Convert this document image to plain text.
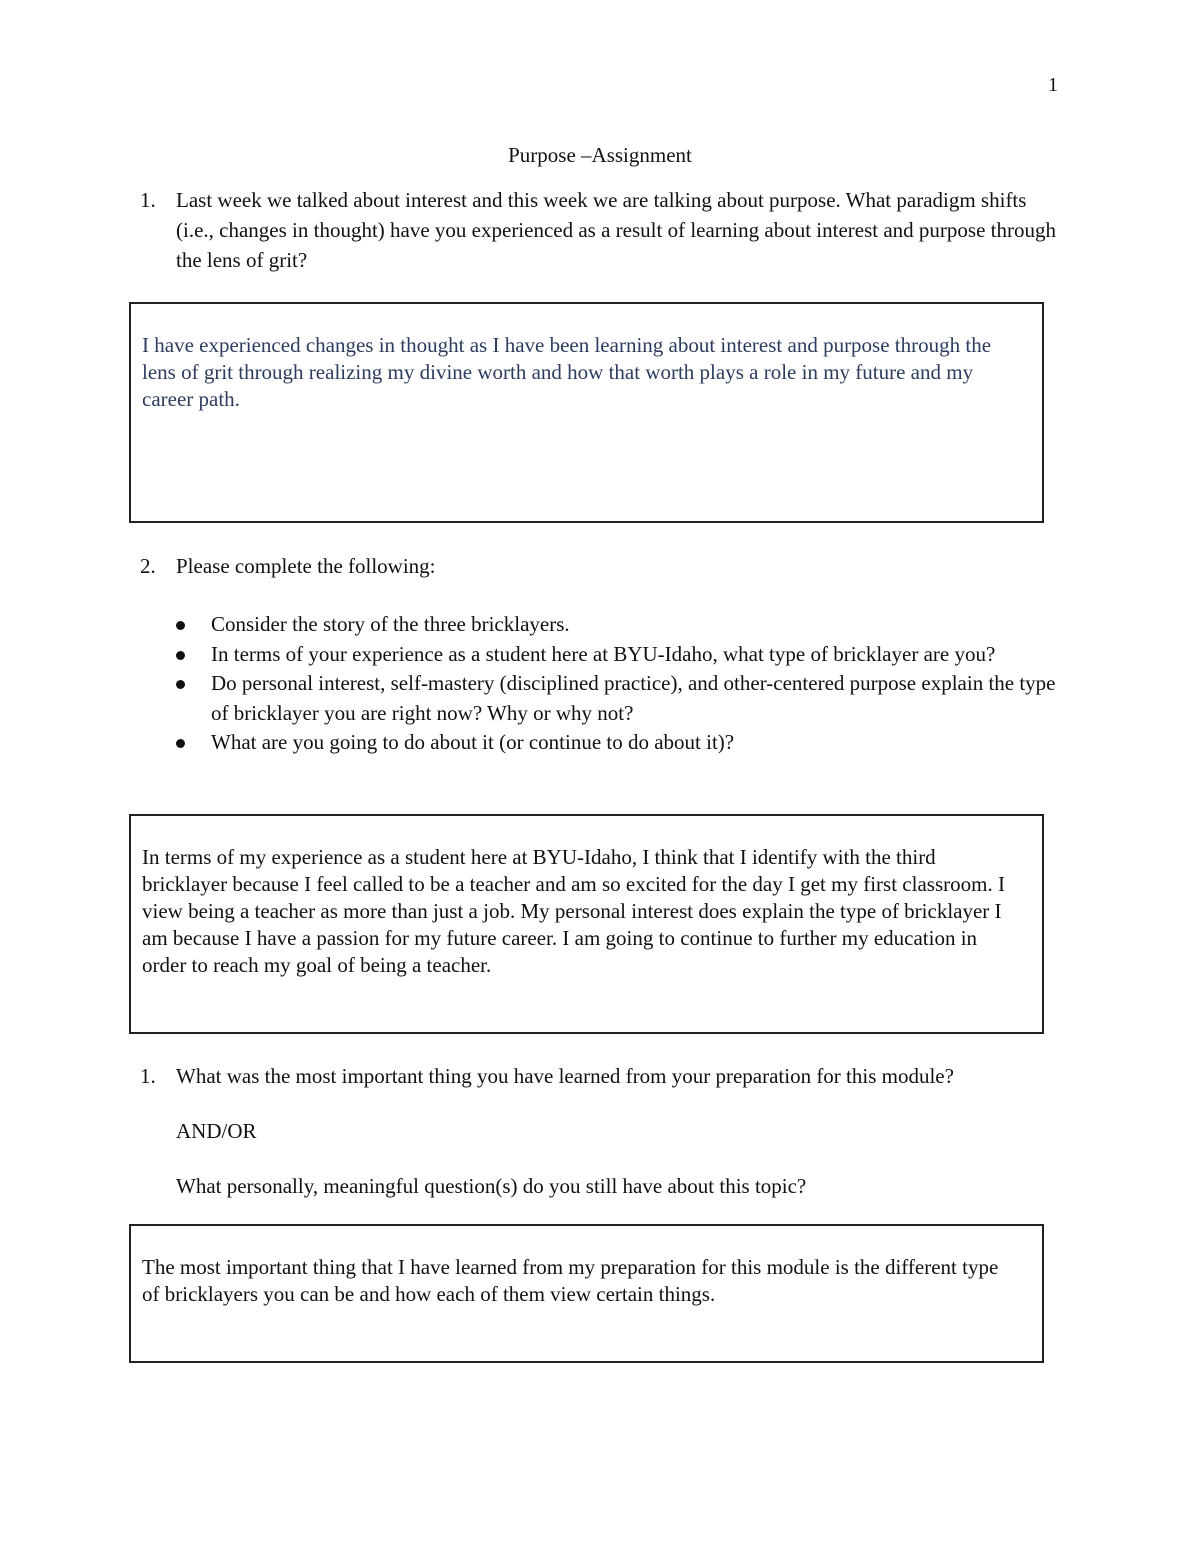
1
Purpose –Assignment
1. Last week we talked about interest and this week we are talking about purpose. What paradigm shifts (i.e., changes in thought) have you experienced as a result of learning about interest and purpose through the lens of grit?
I have experienced changes in thought as I have been learning about interest and purpose through the lens of grit through realizing my divine worth and how that worth plays a role in my future and my career path.
2. Please complete the following:
Consider the story of the three bricklayers.
In terms of your experience as a student here at BYU-Idaho, what type of bricklayer are you?
Do personal interest, self-mastery (disciplined practice), and other-centered purpose explain the type of bricklayer you are right now? Why or why not?
What are you going to do about it (or continue to do about it)?
In terms of my experience as a student here at BYU-Idaho, I think that I identify with the third bricklayer because I feel called to be a teacher and am so excited for the day I get my first classroom. I view being a teacher as more than just a job. My personal interest does explain the type of bricklayer I am because I have a passion for my future career. I am going to continue to further my education in order to reach my goal of being a teacher.
1. What was the most important thing you have learned from your preparation for this module?
AND/OR
What personally, meaningful question(s) do you still have about this topic?
The most important thing that I have learned from my preparation for this module is the different type of bricklayers you can be and how each of them view certain things.
